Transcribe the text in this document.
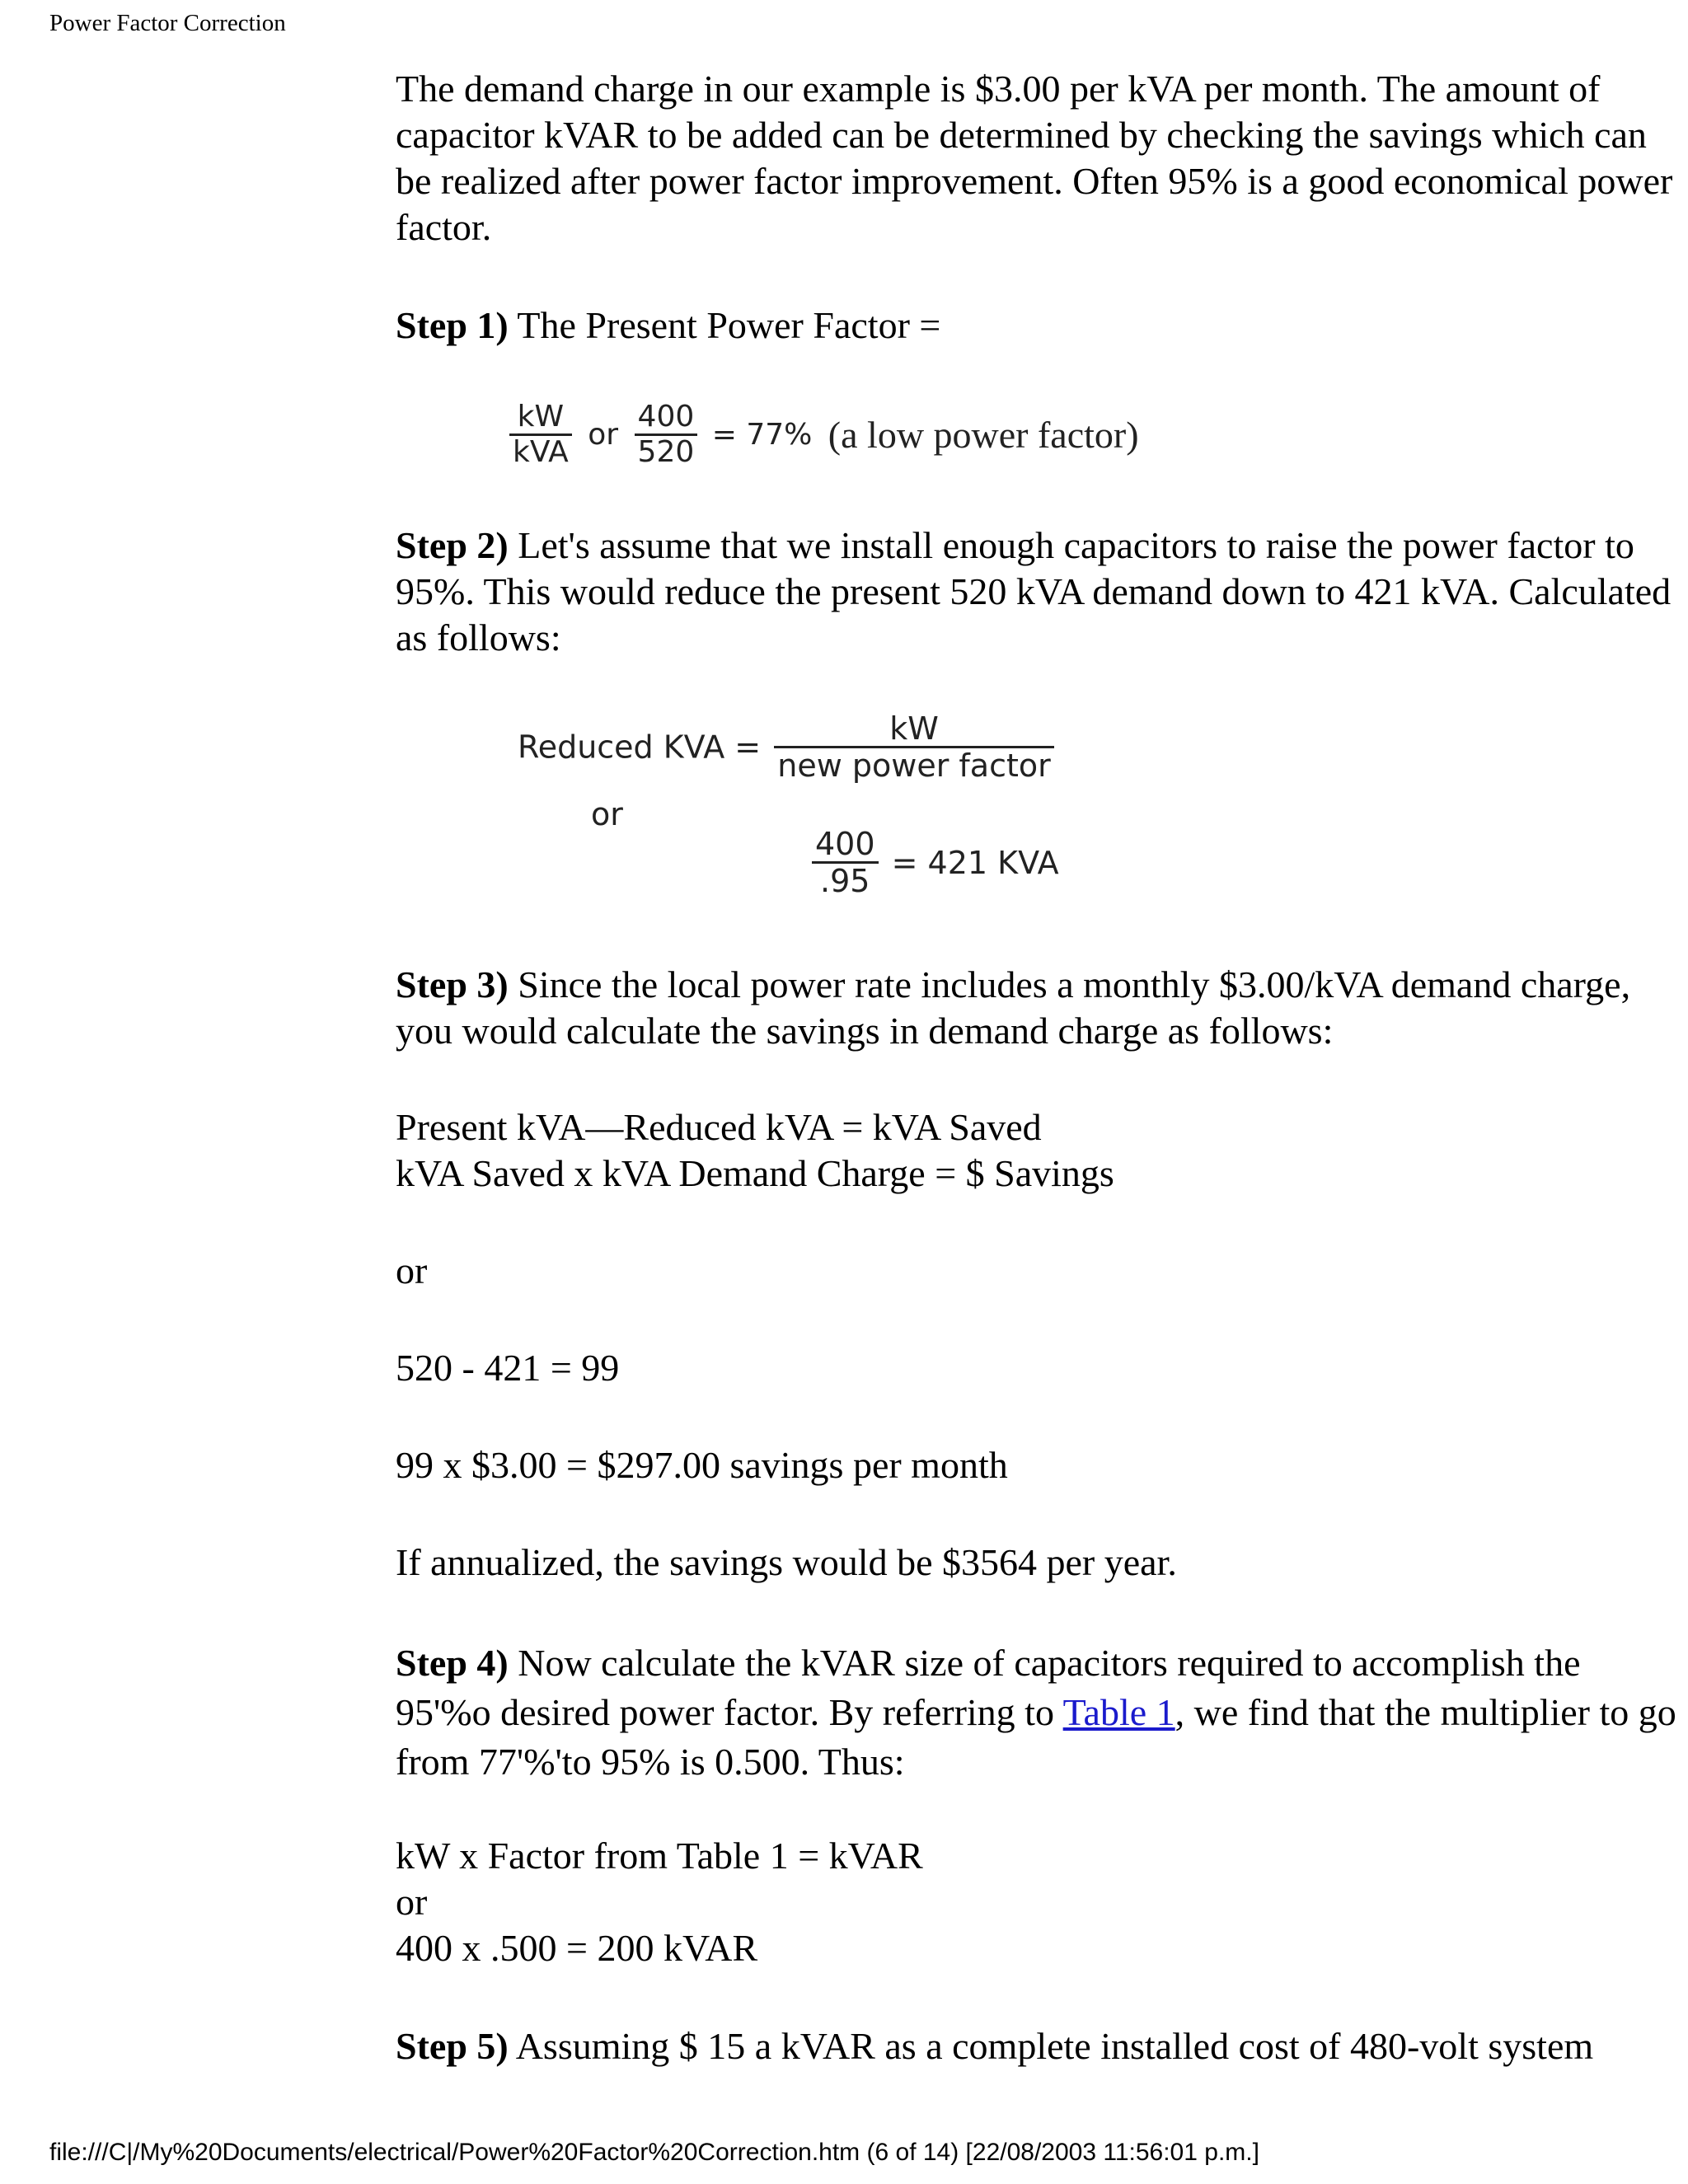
Power Factor Correction
The demand charge in our example is $3.00 per kVA per month. The amount of capacitor kVAR to be added can be determined by checking the savings which can be realized after power factor improvement. Often 95% is a good economical power factor.
Step 1) The Present Power Factor =
$\frac{kW}{\text{kVA}}$ or $\frac{400}{520} = 77\%$ (a low power factor)
Step 2) Let's assume that we install enough capacitors to raise the power factor to 95%. This would reduce the present 520 kVA demand down to 421 kVA. Calculated as follows:
Reduced KVA = $\frac{kW}{\text{new power factor}}$
or
$\frac{400}{.95} = 421$ KVA
Step 3) Since the local power rate includes a monthly $3.00/kVA demand charge, you would calculate the savings in demand charge as follows:
Present kVA—Reduced kVA = kVA Saved
kVA Saved x kVA Demand Charge = $ Savings
or
520 - 421 = 99
99 x $3.00 = $297.00 savings per month
If annualized, the savings would be $3564 per year.
Step 4) Now calculate the kVAR size of capacitors required to accomplish the 95'%o desired power factor. By referring to Table 1, we find that the multiplier to go from 77'%'to 95% is 0.500. Thus:
kW x Factor from Table 1 = kVAR
or
400 x .500 = 200 kVAR
Step 5) Assuming $ 15 a kVAR as a complete installed cost of 480-volt system
file:///C|/My%20Documents/electrical/Power%20Factor%20Correction.htm (6 of 14) [22/08/2003 11:56:01 p.m.]
